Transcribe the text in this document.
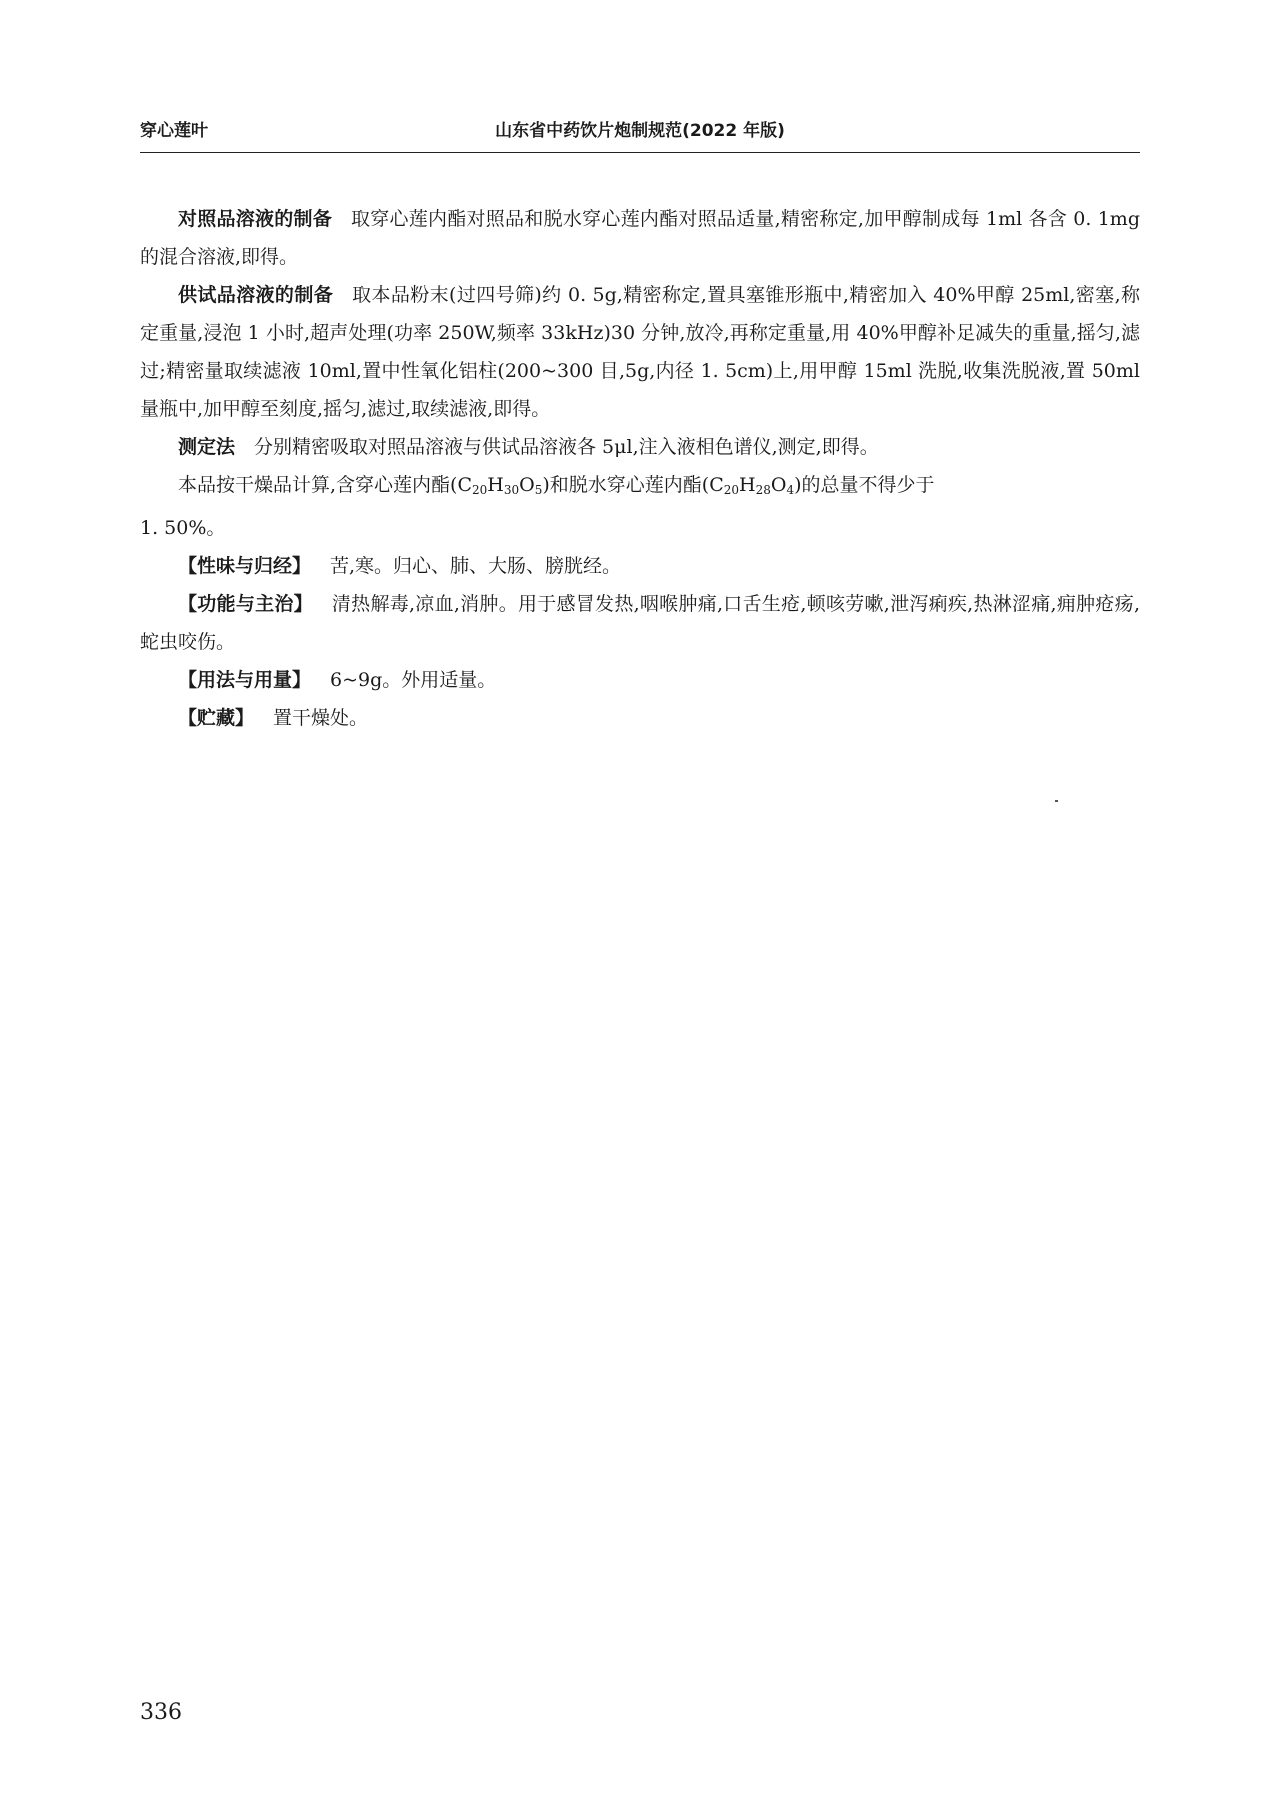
穿心莲叶	山东省中药饮片炮制规范(2022 年版)

对照品溶液的制备 取穿心莲内酯对照品和脱水穿心莲内酯对照品适量,精密称定,加甲醇制成每 1ml 各含 0. 1mg 的混合溶液,即得。

供试品溶液的制备 取本品粉末(过四号筛)约 0. 5g,精密称定,置具塞锥形瓶中,精密加入 40%甲醇 25ml,密塞,称定重量,浸泡 1 小时,超声处理(功率 250W,频率 33kHz)30 分钟,放冷,再称定重量,用 40%甲醇补足减失的重量,摇匀,滤过;精密量取续滤液 10ml,置中性氧化铝柱(200~300 目,5g,内径 1. 5cm)上,用甲醇 15ml 洗脱,收集洗脱液,置 50ml 量瓶中,加甲醇至刻度,摇匀,滤过,取续滤液,即得。

测定法 分别精密吸取对照品溶液与供试品溶液各 5μl,注入液相色谱仪,测定,即得。

本品按干燥品计算,含穿心莲内酯$(C_{20}H_{30}O_5)$和脱水穿心莲内酯$(C_{20}H_{28}O_4)$的总量不得少于

1. 50%。

【性味与归经】 苦,寒。归心、肺、大肠、膀胱经。

【功能与主治】 清热解毒,凉血,消肿。用于感冒发热,咽喉肿痛,口舌生疮,顿咳劳嗽,泄泻痢疾,热淋涩痛,痈肿疮疡,蛇虫咬伤。

【用法与用量】 6~9g。外用适量。

【贮藏】 置干燥处。

336
